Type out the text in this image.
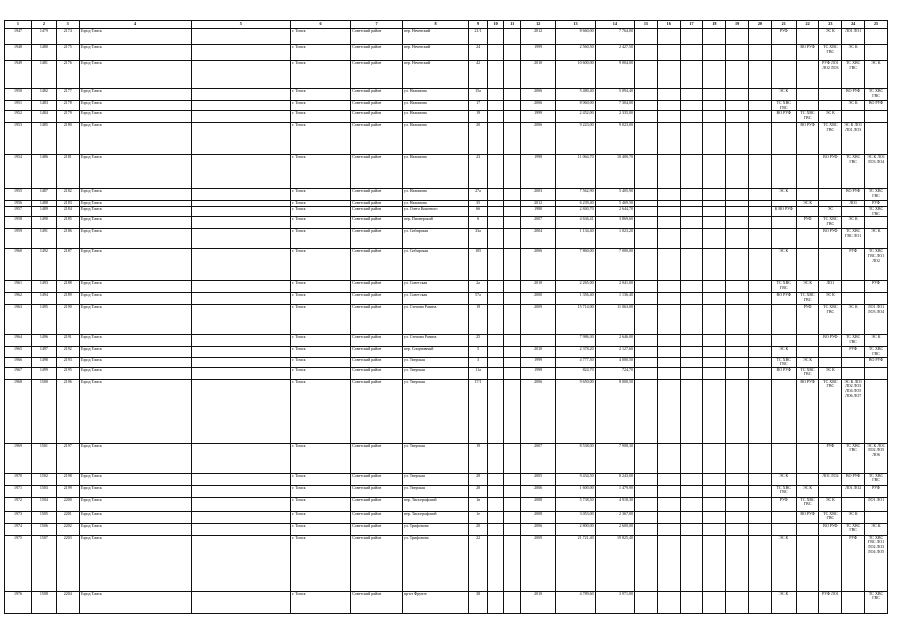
1	2	3	4	5	6	7	8	9	10	11	12	13	14	15	16	17	18	19	20	21	22	23	24	25
1947	1479	2174	Город Томск		г. Томск	Советский район	пер. Нечевский	21/1			2012	8 660,00	7 764,00							РУФ		ЭС К	ЛО1 ЛО1	
1948	1480	2175	Город Томск		г. Томск	Советский район	пер. Нечевский	24			1999	2 560,50	2 427,50								ВО РУФ	ТС ХВС ГВС	ЭС К	
1949	1481	2176	Город Томск		г. Томск	Советский район	пер. Нечевский	42			2010	10 600,00	9 004,00									РУФ ЛО1 ЛО2 ЛО3	ТС ХВС ГВС	ЭС К
1950	1482	2177	Город Томск		г. Томск	Советский район	ул. Нахимова	15а			2006	5 480,40	5 094,40							ЭС К			ВО РУФ	ТС ХВС ГВС
1951	1483	2178	Город Томск		г. Томск	Советский район	ул. Нахимова	17			2006	8 060,00	7 304,00							ТС ХВС ГВС			ЭС К	ВО РУФ
1952	1484	2179	Город Томск		г. Томск	Советский район	ул. Нахимова	19			1999	2 452,00	2 335,00							ВО РУФ	ТС ХВС ГВС	ЭС К		
1953	1485	2180	Город Томск		г. Томск	Советский район	ул. Нахимова	20			2006	9 223,00	9 023,00								ВО РУФ	ТС ХВС ГВС	ЭС К ЛО1 ЛО1 ЛО3	
1954	1486	2181	Город Томск		г. Томск	Советский район	ул. Нахимова	23			1998	11 064,70	10 400,70									ВО РУФ	ТС ХВС ГВС	ЭС К ЛО1 ЛО3 ЛО4
1955	1487	2182	Город Томск		г. Томск	Советский район	ул. Нахимова	27а			2003	7 562,90	5 405,90							ЭС К			ВО РУФ	ТС ХВС ГВС
1956	1488	2183	Город Томск		г. Томск	Советский район	ул. Нахимова	35			2012	6 239,40	5 469,50								ЭС К		ЛО1	РУФ
1957	1489	2184	Город Томск		г. Томск	Советский район	ул. Олега Кошевого	66			1980	2 840,70	2 644,70							К ВО РУФ		ЭС		ТС ХВС ГВС
1958	1490	2185	Город Томск		г. Томск	Советский район	пер. Пионерский	6			2007	4 636,41	3 869,60								РУФ	ТС ХВС ГВС	ЭС К	
1959	1491	2186	Город Томск		г. Томск	Советский район	ул. Сибирская	33а			2004	1 134,40	1 023,20									ВО РУФ	ТС ХВС ГВС ЛО1	ЭС К
1960	1492	2187	Город Томск		г. Томск	Советский район	ул. Сибирская	105			2006	7 860,00	7 000,00							ЭС К			РУФ	ТС ХВС ГВС ЛО1 ЛО2
1961	1493	2188	Город Томск		г. Томск	Советский район	ул. Советская	2а			2010	2 265,00	2 041,00							ТС ХВС ГВС	ЭС К	ЛО1		РУФ
1962	1494	2189	Город Томск		г. Томск	Советский район	ул. Советская	57а			2000	1 356,40	1 136,40							ВО РУФ	ТС ХВС ГВС	ЭС К		
1963	1495	2190	Город Томск		г. Томск	Советский район	ул. Степана Разина	19			2009	15 714,00	11 063,00								РУФ	ТС ХВС ГВС	ЭС К	ЛО1 ЛО1 ЛО3 ЛО4
1964	1496	2191	Город Томск		г. Томск	Советский район	ул. Степана Разина	25				7 986,30	2 646,00									ВО РУФ	ТС ХВС ГВС	ЭС К
1965	1497	2192	Город Томск		г. Томск	Советский район	пер. Спортивный	5			2010	2 378,20	2 127,60							ЭС К			РУФ	ТС ХВС ГВС
1966	1498	2193	Город Томск		г. Томск	Советский район	ул. Тверская	3			1999	4 777,50	4 000,50							ТС ХВС ГВС	ЭС К			ВО РУФ
1967	1499	2195	Город Томск		г. Томск	Советский район	ул. Тверская	11а			1998	824,70	724,70							ВО РУФ	ТС ХВС ГВС	ЭС К		
1968	1500	2196	Город Томск		г. Томск	Советский район	ул. Тверская	17/1			2006	9 650,00	8 000,50								ВО РУФ	ТС ХВС ГВС	ЭС К ЛО1 ЛО2 ЛО3 ЛО4 ЛО5 ЛО6 ЛО7	
1969	1501	2197	Город Томск		г. Томск	Советский район	ул. Тверская	19			2007	8 538,00	7 908,30									РУФ	ТС ХВС ГВС	ЭС К ЛО1 ЛО2 ЛО5 ЛО6
1970	1502	2198	Город Томск		г. Томск	Советский район	ул. Тверская	28			2005	9 434,50	8 243,00							ЭС К		ЛО1 ЛО2	ВО РУФ	ТС ХВС ГВС
1971	1503	2199	Город Томск		г. Томск	Советский район	ул. Тверская	28			2006	1 600,00	1 479,90							ТС ХВС ГВС	ЭС К		ЛО1 ЛО2	РУФ
1972	1504	2200	Город Томск		г. Томск	Советский район	пер. Типографский	1в			2008	5 738,50	4 918,30							РУФ	ТС ХВС ГВС	ЭС К		ЛО1 ЛО1
1973	1505	2201	Город Томск		г. Томск	Советский район	пер. Типографский	1е			2008	3 053,00	2 367,00								ВО РУФ	ТС ХВС ГВС	ЭС К	
1974	1506	2202	Город Томск		г. Томск	Советский район	ул. Трифонова	20			2006	2 800,00	2 600,00									ВО РУФ	ТС ХВС ГВС	ЭС К
1975	1507	2203	Город Томск		г. Томск	Советский район	ул. Трифонова	22			2009	21 721,40	19 825,40							ЭС К			РУФ	ТС ХВС ГВС ЛО1 ЛО2 ЛО3 ЛО4 ЛО5
1976	1508	2204	Город Томск		г. Томск	Советский район	пр-кт Фрунзе	38			2010	4 789,60	3 971,00							ЭС К		РУФ ЛО1		ТС ХВС ГВС
